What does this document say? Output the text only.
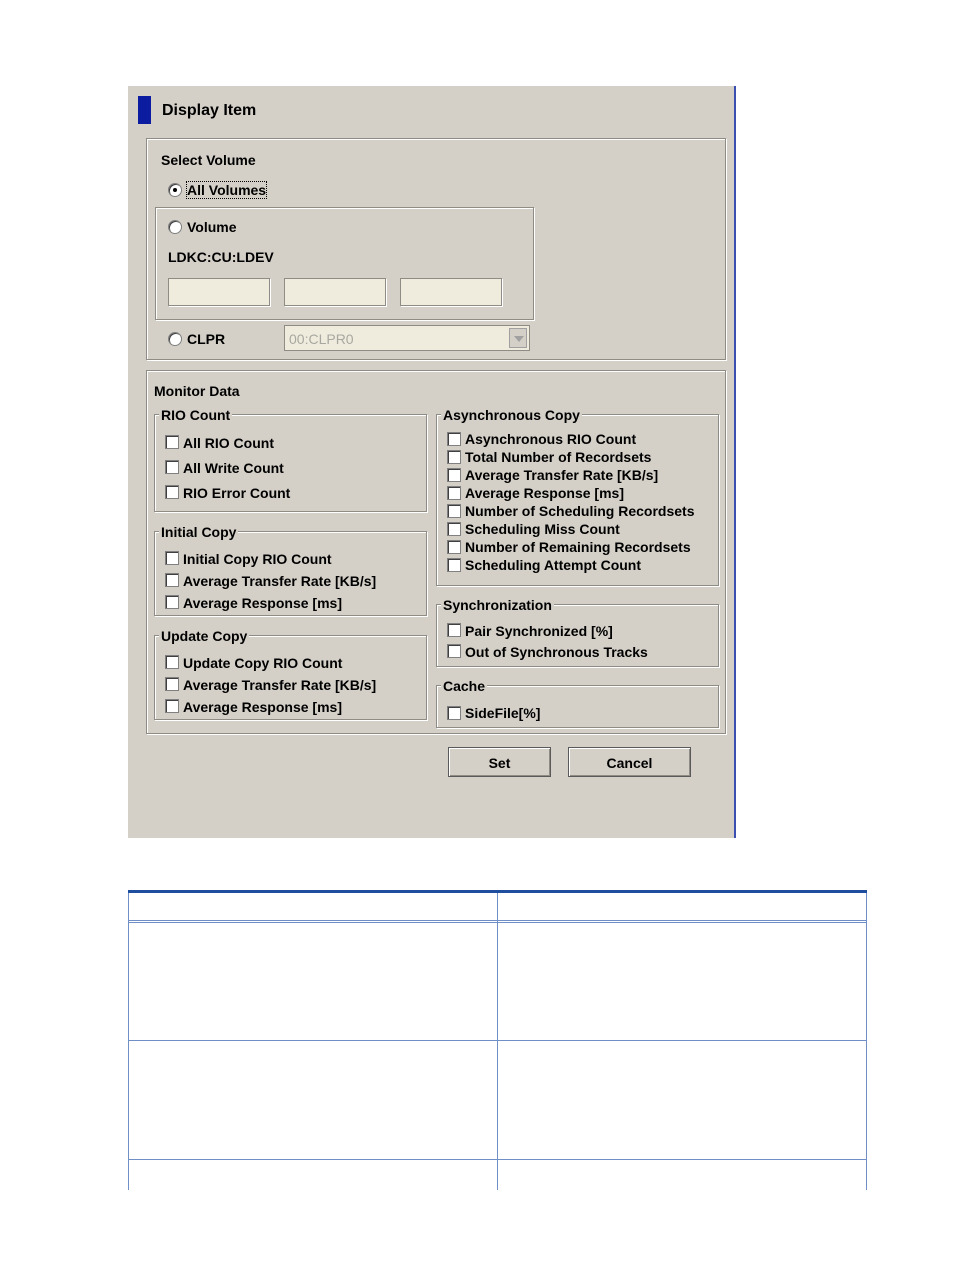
Display Item
Select Volume
All Volumes
Volume
LDKC:CU:LDEV
CLPR	00:CLPR0
Monitor Data
RIO Count
All RIO Count
All Write Count
RIO Error Count
Initial Copy
Initial Copy RIO Count
Average Transfer Rate [KB/s]
Average Response [ms]
Update Copy
Update Copy RIO Count
Average Transfer Rate [KB/s]
Average Response [ms]
Asynchronous Copy
Asynchronous RIO Count
Total Number of Recordsets
Average Transfer Rate [KB/s]
Average Response [ms]
Number of Scheduling Recordsets
Scheduling Miss Count
Number of Remaining Recordsets
Scheduling Attempt Count
Synchronization
Pair Synchronized [%]
Out of Synchronous Tracks
Cache
SideFile[%]
Set	Cancel
